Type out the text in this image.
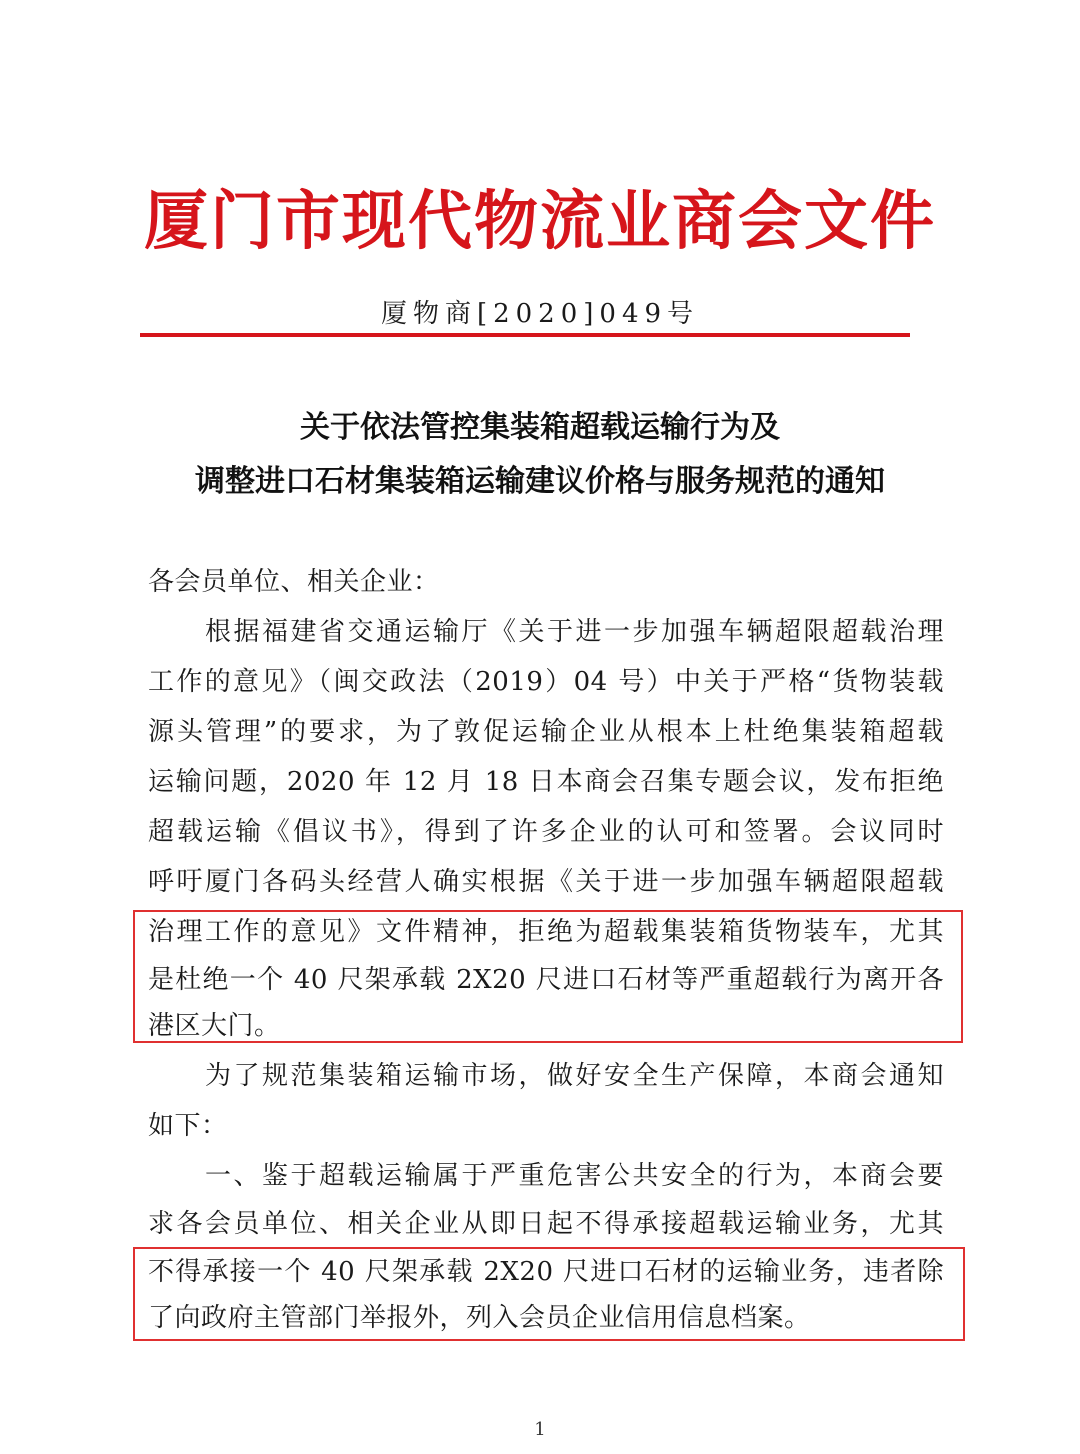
厦门市现代物流业商会文件
厦物商[2020]049号
关于依法管控集装箱超载运输行为及
调整进口石材集装箱运输建议价格与服务规范的通知
各会员单位、相关企业：
根据福建省交通运输厅《关于进一步加强车辆超限超载治理
工作的意见》（闽交政法（2019）04 号）中关于严格“货物装载
源头管理”的要求，为了敦促运输企业从根本上杜绝集装箱超载
运输问题，2020 年 12 月 18 日本商会召集专题会议，发布拒绝
超载运输《倡议书》，得到了许多企业的认可和签署。会议同时
呼吁厦门各码头经营人确实根据《关于进一步加强车辆超限超载
治理工作的意见》文件精神，拒绝为超载集装箱货物装车，尤其
是杜绝一个 40 尺架承载 2X20 尺进口石材等严重超载行为离开各
港区大门。
为了规范集装箱运输市场，做好安全生产保障，本商会通知
如下：
一、鉴于超载运输属于严重危害公共安全的行为，本商会要
求各会员单位、相关企业从即日起不得承接超载运输业务，尤其
不得承接一个 40 尺架承载 2X20 尺进口石材的运输业务，违者除
了向政府主管部门举报外，列入会员企业信用信息档案。
1
